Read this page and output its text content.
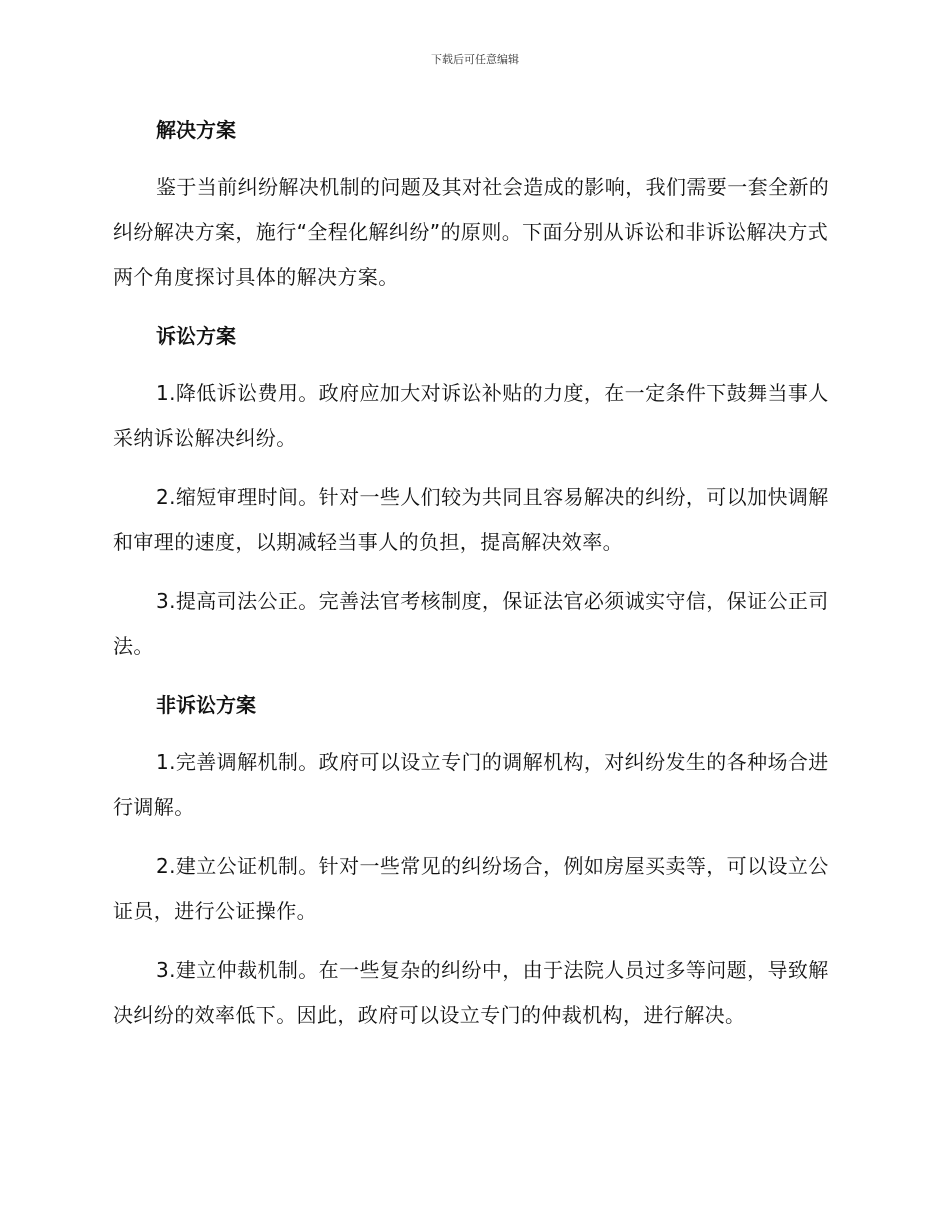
下载后可任意编辑
解决方案

鉴于当前纠纷解决机制的问题及其对社会造成的影响，我们需要一套全新的纠纷解决方案，施行“全程化解纠纷”的原则。下面分别从诉讼和非诉讼解决方式两个角度探讨具体的解决方案。

诉讼方案

1.降低诉讼费用。政府应加大对诉讼补贴的力度，在一定条件下鼓舞当事人采纳诉讼解决纠纷。

2.缩短审理时间。针对一些人们较为共同且容易解决的纠纷，可以加快调解和审理的速度，以期减轻当事人的负担，提高解决效率。

3.提高司法公正。完善法官考核制度，保证法官必须诚实守信，保证公正司法。

非诉讼方案

1.完善调解机制。政府可以设立专门的调解机构，对纠纷发生的各种场合进行调解。

2.建立公证机制。针对一些常见的纠纷场合，例如房屋买卖等，可以设立公证员，进行公证操作。

3.建立仲裁机制。在一些复杂的纠纷中，由于法院人员过多等问题，导致解决纠纷的效率低下。因此，政府可以设立专门的仲裁机构，进行解决。
